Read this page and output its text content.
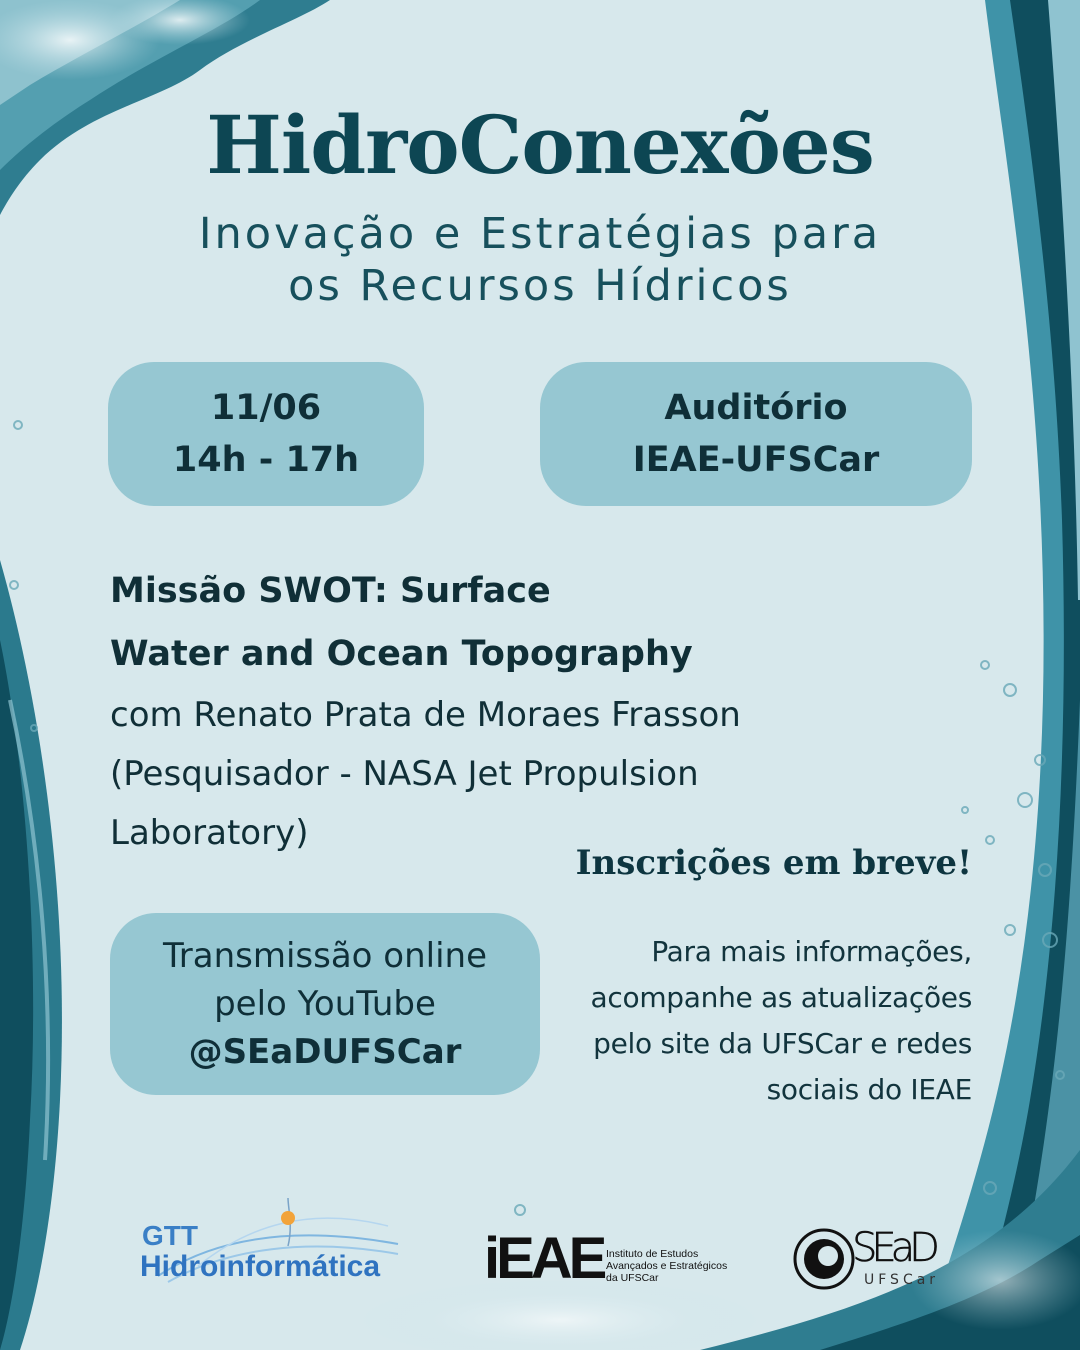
HidroConexões
Inovação e Estratégias para
os Recursos Hídricos
11/06
14h - 17h
Auditório
IEAE-UFSCar
Missão SWOT: Surface
Water and Ocean Topography
com Renato Prata de Moraes Frasson
(Pesquisador - NASA Jet Propulsion
Laboratory)
Transmissão online
pelo YouTube
@SEaDUFSCar
Inscrições em breve!
Para mais informações,
acompanhe as atualizações
pelo site da UFSCar e redes
sociais do IEAE
GTT
Hidroinformática iEAE Instituto de Estudos
Avançados e Estratégicos
da UFSCar
SEaD
UFSCar
